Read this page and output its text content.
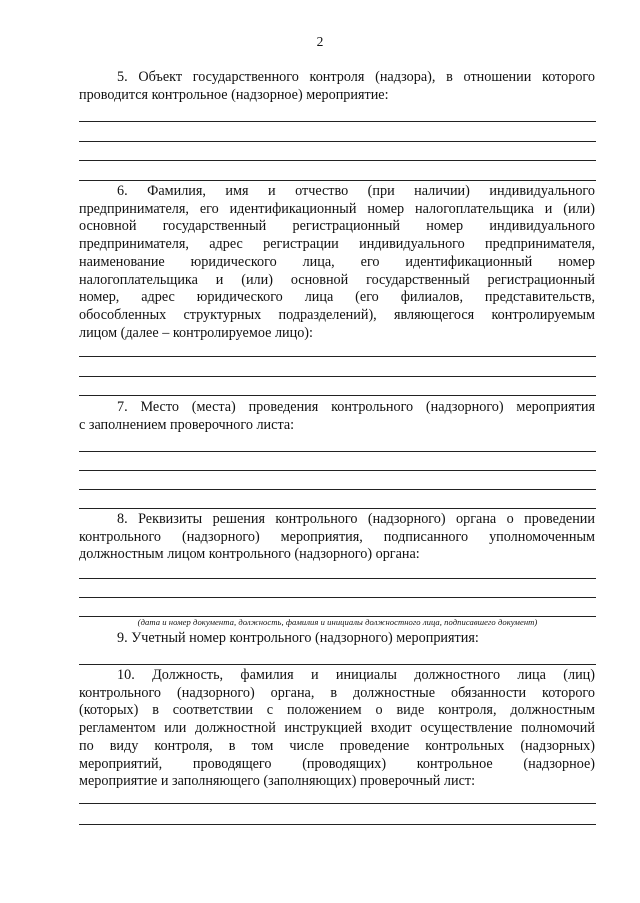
2
5. Объект государственного контроля (надзора), в отношении которого
проводится контрольное (надзорное) мероприятие:
6. Фамилия, имя и отчество (при наличии) индивидуального
предпринимателя, его идентификационный номер налогоплательщика и (или)
основной государственный регистрационный номер индивидуального
предпринимателя, адрес регистрации индивидуального предпринимателя,
наименование юридического лица, его идентификационный номер
налогоплательщика и (или) основной государственный регистрационный
номер, адрес юридического лица (его филиалов, представительств,
обособленных структурных подразделений), являющегося контролируемым
лицом (далее – контролируемое лицо):
7. Место (места) проведения контрольного (надзорного) мероприятия
с заполнением проверочного листа:
8. Реквизиты решения контрольного (надзорного) органа о проведении
контрольного (надзорного) мероприятия, подписанного уполномоченным
должностным лицом контрольного (надзорного) органа:
(дата и номер документа, должность, фамилия и инициалы должностного лица, подписавшего документ)
9. Учетный номер контрольного (надзорного) мероприятия:
10. Должность, фамилия и инициалы должностного лица (лиц)
контрольного (надзорного) органа, в должностные обязанности которого
(которых) в соответствии с положением о виде контроля, должностным
регламентом или должностной инструкцией входит осуществление полномочий
по виду контроля, в том числе проведение контрольных (надзорных)
мероприятий, проводящего (проводящих) контрольное (надзорное)
мероприятие и заполняющего (заполняющих) проверочный лист:
